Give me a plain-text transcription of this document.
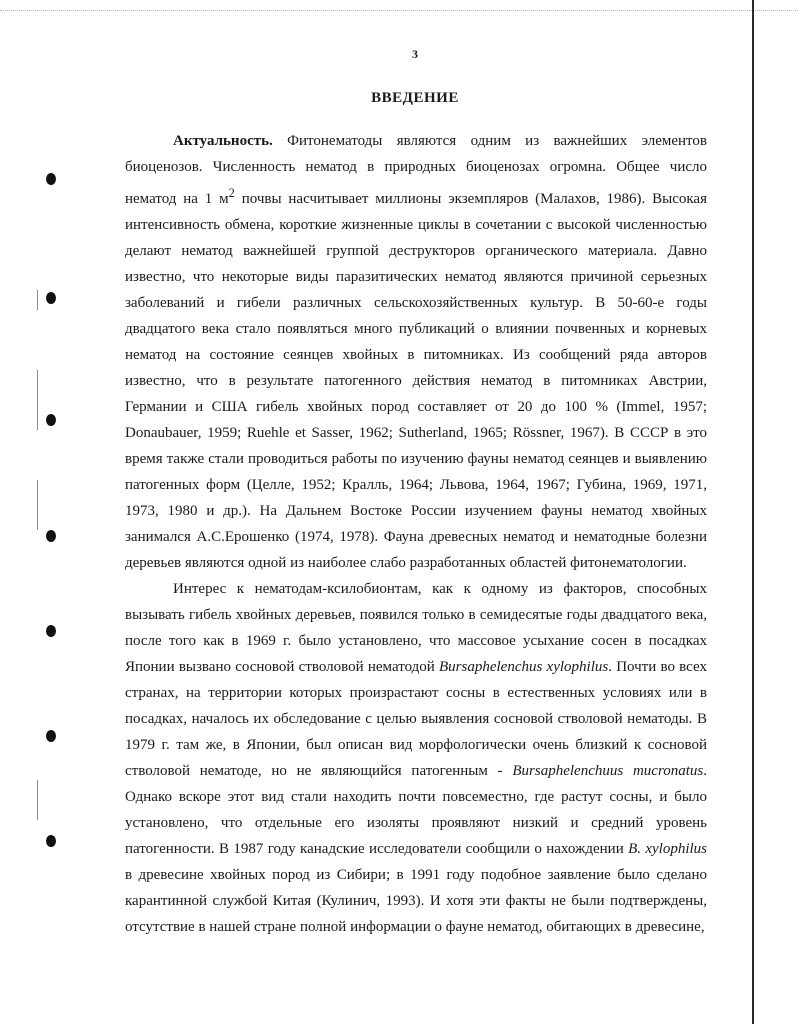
3

ВВЕДЕНИЕ

Актуальность. Фитонематоды являются одним из важнейших элементов биоценозов. Численность нематод в природных биоценозах огромна. Общее число нематод на 1 $м^2$ почвы насчитывает миллионы экземпляров (Малахов, 1986). Высокая интенсивность обмена, короткие жизненные циклы в сочетании с высокой численностью делают нематод важнейшей группой деструкторов органического материала. Давно известно, что некоторые виды паразитических нематод являются причиной серьезных заболеваний и гибели различных сельскохозяйственных культур. В 50-60-е годы двадцатого века стало появляться много публикаций о влиянии почвенных и корневых нематод на состояние сеянцев хвойных в питомниках. Из сообщений ряда авторов известно, что в результате патогенного действия нематод в питомниках Австрии, Германии и США гибель хвойных пород составляет от 20 до 100 % (Immel, 1957; Donaubauer, 1959; Ruehle et Sasser, 1962; Sutherland, 1965; Rössner, 1967). В СССР в это время также стали проводиться работы по изучению фауны нематод сеянцев и выявлению патогенных форм (Целле, 1952; Кралль, 1964; Львова, 1964, 1967; Губина, 1969, 1971, 1973, 1980 и др.). На Дальнем Востоке России изучением фауны нематод хвойных занимался А.С.Ерошенко (1974, 1978). Фауна древесных нематод и нематодные болезни деревьев являются одной из наиболее слабо разработанных областей фитонематологии.

Интерес к нематодам-ксилобионтам, как к одному из факторов, способных вызывать гибель хвойных деревьев, появился только в семидесятые годы двадцатого века, после того как в 1969 г. было установлено, что массовое усыхание сосен в посадках Японии вызвано сосновой стволовой нематодой Bursaphelenchus xylophilus. Почти во всех странах, на территории которых произрастают сосны в естественных условиях или в посадках, началось их обследование с целью выявления сосновой стволовой нематоды. В 1979 г. там же, в Японии, был описан вид морфологически очень близкий к сосновой стволовой нематоде, но не являющийся патогенным - Bursaphelenchuus mucronatus. Однако вскоре этот вид стали находить почти повсеместно, где растут сосны, и было установлено, что отдельные его изоляты проявляют низкий и средний уровень патогенности. В 1987 году канадские исследователи сообщили о нахождении B. xylophilus в древесине хвойных пород из Сибири; в 1991 году подобное заявление было сделано карантинной службой Китая (Кулинич, 1993). И хотя эти факты не были подтверждены, отсутствие в нашей стране полной информации о фауне нематод, обитающих в древесине,
